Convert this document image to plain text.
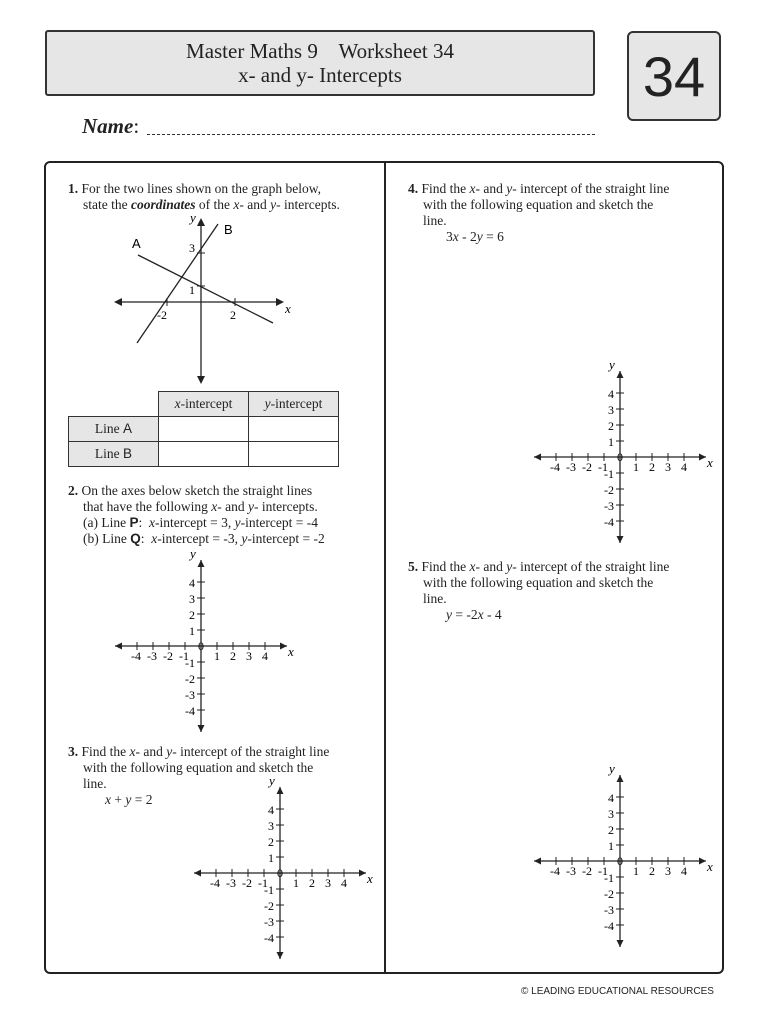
Master Maths 9    Worksheet 34
x- and y- Intercepts	34
Name:
1. For the two lines shown on the graph below,
state the coordinates of the x- and y- intercepts.
A
B
y
x
3
1
-2	2
	x-intercept	y-intercept
Line A		
Line B		
2. On the axes below sketch the straight lines
that have the following x- and y- intercepts.
(a) Line P:  x-intercept = 3, y-intercept = -4
(b) Line Q:  x-intercept = -3, y-intercept = -2
3. Find the x- and y- intercept of the straight line
with the following equation and sketch the
line.
x + y = 2
4. Find the x- and y- intercept of the straight line
with the following equation and sketch the
line.
3x - 2y = 6
5. Find the x- and y- intercept of the straight line
with the following equation and sketch the
line.
y = -2x - 4
-4 -3 -2 -1
0
1 2 3 4
4
3
2
1
-1
-2
-3
-4
x
y
-4 -3 -2 -1
0
1 2 3 4
4
3
2
1
-1
-2
-3
-4
x
y
-4 -3 -2 -1
0
1 2 3 4
4
3
2
1
-1
-2
-3
-4
x
y
-4 -3 -2 -1
0
1 2 3 4
4
3
2
1
-1
-2
-3
-4
x
y
© LEADING EDUCATIONAL RESOURCES
